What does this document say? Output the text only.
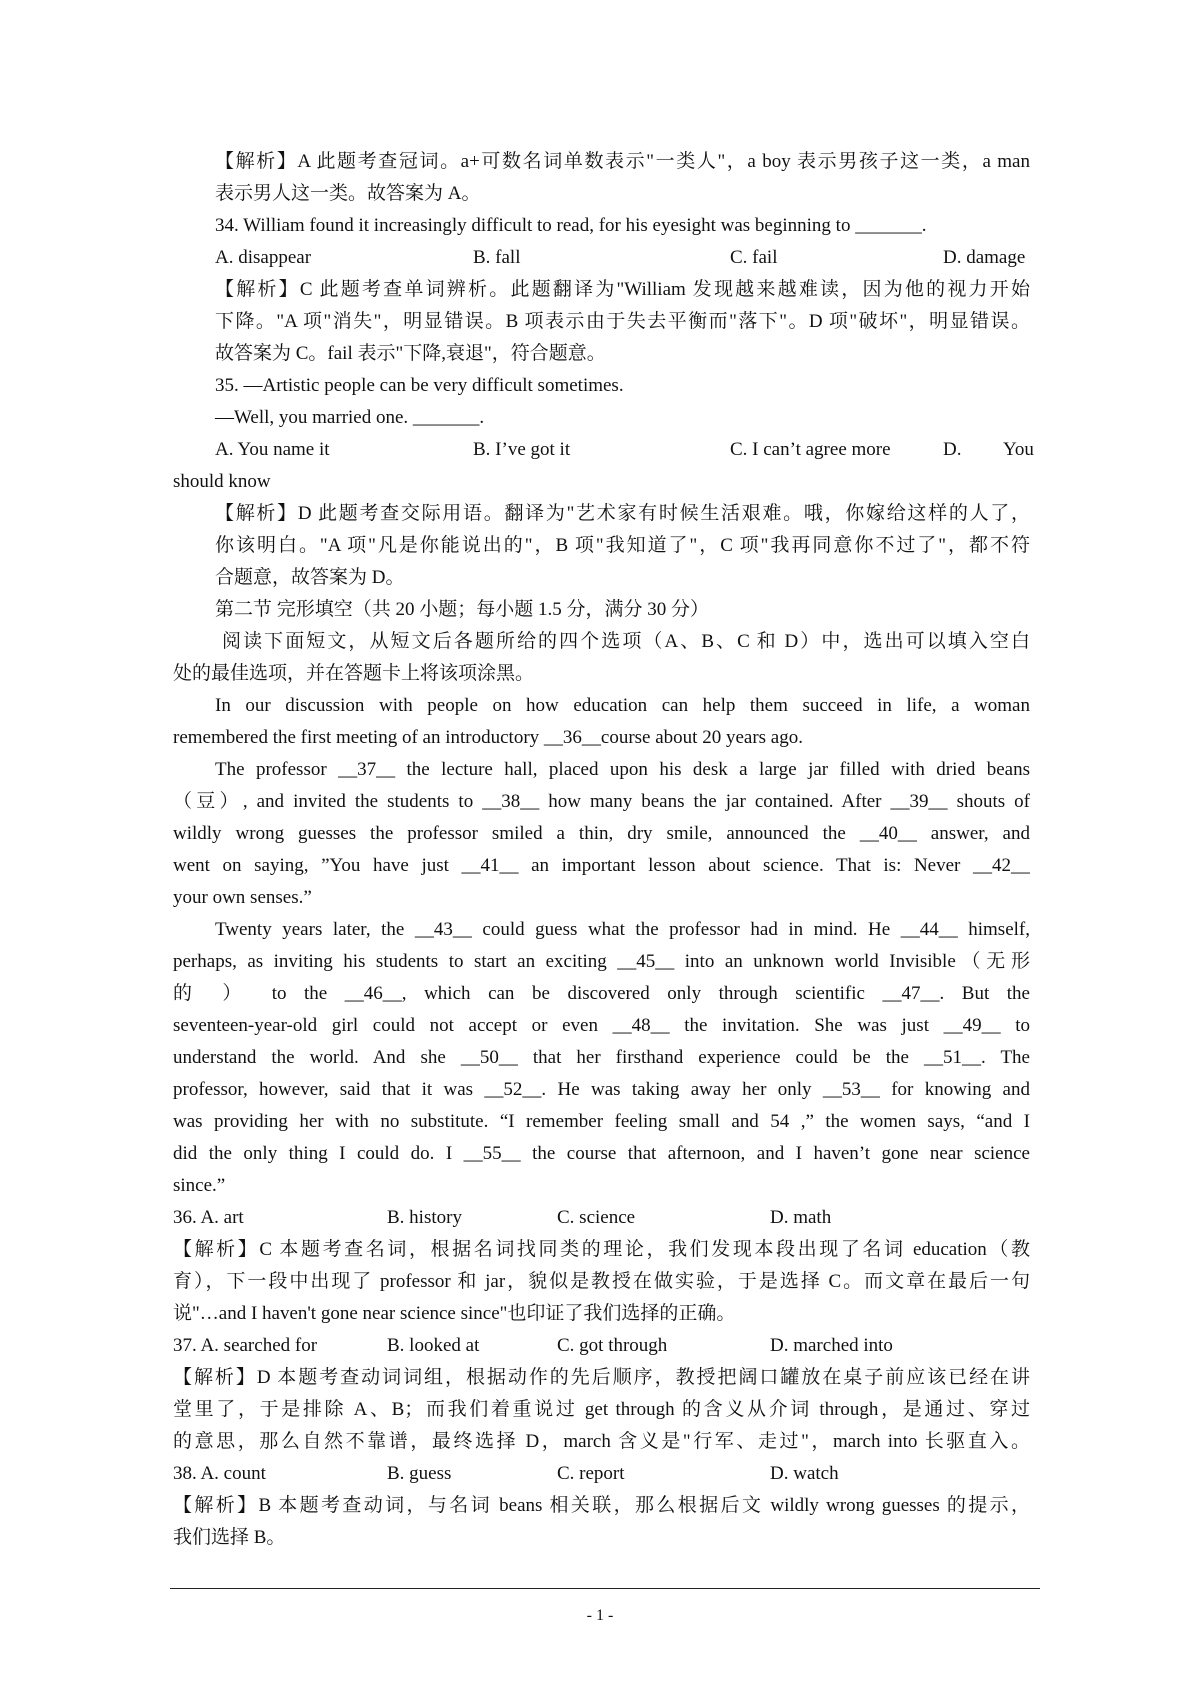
【解析】A 此题考查冠词。a+可数名词单数表示"一类人"，a boy 表示男孩子这一类，a man
表示男人这一类。故答案为 A。
34. William found it increasingly difficult to read, for his eyesight was beginning to _______.
A. disappear	B. fall	C. fail	D. damage
【解析】C 此题考查单词辨析。此题翻译为"William 发现越来越难读，因为他的视力开始
下降。"A 项"消失"，明显错误。B 项表示由于失去平衡而"落下"。D 项"破坏"，明显错误。
故答案为 C。fail 表示"下降,衰退"，符合题意。
35. —Artistic people can be very difficult sometimes.
—Well, you married one. _______.
A. You name it	B. I’ve got it	C. I can’t agree more	D. You
should know
【解析】D 此题考查交际用语。翻译为"艺术家有时候生活艰难。哦，你嫁给这样的人了，
你该明白。"A 项"凡是你能说出的"，B 项"我知道了"，C 项"我再同意你不过了"，都不符
合题意，故答案为 D。
第二节 完形填空（共 20 小题；每小题 1.5 分，满分 30 分）
阅读下面短文，从短文后各题所给的四个选项（A、B、C 和 D）中，选出可以填入空白
处的最佳选项，并在答题卡上将该项涂黑。
In our discussion with people on how education can help them succeed in life, a woman
remembered the first meeting of an introductory __36__course about 20 years ago.
The professor __37__ the lecture hall, placed upon his desk a large jar filled with dried beans
（豆）, and invited the students to __38__ how many beans the jar contained. After __39__ shouts of
wildly wrong guesses the professor smiled a thin, dry smile, announced the __40__ answer, and
went on saying, ”You have just __41__ an important lesson about science. That is: Never __42__
your own senses.”
Twenty years later, the __43__ could guess what the professor had in mind. He __44__ himself,
perhaps, as inviting his students to start an exciting __45__ into an unknown world Invisible（无形
的 ） to the __46__, which can be discovered only through scientific __47__. But the
seventeen-year-old girl could not accept or even __48__ the invitation. She was just __49__ to
understand the world. And she __50__ that her firsthand experience could be the __51__. The
professor, however, said that it was __52__. He was taking away her only __53__ for knowing and
was providing her with no substitute. “I remember feeling small and 54 ,” the women says, “and I
did the only thing I could do. I __55__ the course that afternoon, and I haven’t gone near science
since.”
36. A. art	B. history	C. science	D. math
【解析】C 本题考查名词，根据名词找同类的理论，我们发现本段出现了名词 education（教
育），下一段中出现了 professor 和 jar，貌似是教授在做实验，于是选择 C。而文章在最后一句
说"…and I haven't gone near science since"也印证了我们选择的正确。
37. A. searched for	B. looked at	C. got through	D. marched into
【解析】D 本题考查动词词组，根据动作的先后顺序，教授把阔口罐放在桌子前应该已经在讲
堂里了，于是排除 A、B；而我们着重说过 get through 的含义从介词 through，是通过、穿过
的意思，那么自然不靠谱，最终选择 D，march 含义是"行军、走过"，march into 长驱直入。
38. A. count	B. guess	C. report	D. watch
【解析】B 本题考查动词，与名词 beans 相关联，那么根据后文 wildly wrong guesses 的提示，
我们选择 B。
- 1 -
